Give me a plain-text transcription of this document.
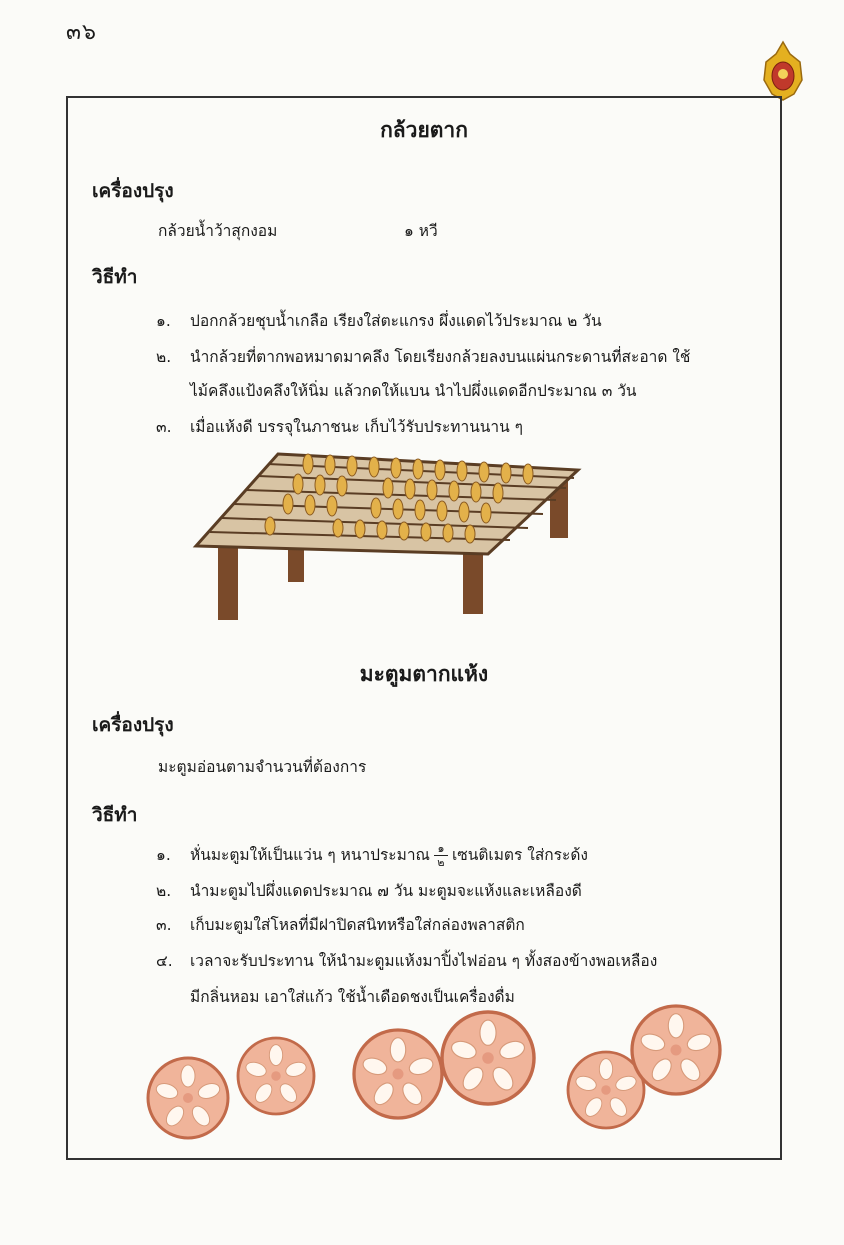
๓๖
กล้วยตาก
เครื่องปรุง
กล้วยน้ำว้าสุกงอม	๑ หวี
วิธีทำ
๑. ปอกกล้วยชุบน้ำเกลือ เรียงใส่ตะแกรง ผึ่งแดดไว้ประมาณ ๒ วัน
๒. นำกล้วยที่ตากพอหมาดมาคลึง โดยเรียงกล้วยลงบนแผ่นกระดานที่สะอาด ใช้
ไม้คลึงแป้งคลึงให้นิ่ม แล้วกดให้แบน นำไปผึ่งแดดอีกประมาณ ๓ วัน
๓. เมื่อแห้งดี บรรจุในภาชนะ เก็บไว้รับประทานนาน ๆ
มะตูมตากแห้ง
เครื่องปรุง
มะตูมอ่อนตามจำนวนที่ต้องการ
วิธีทำ
๑. หั่นมะตูมให้เป็นแว่น ๆ หนาประมาณ $\frac{๑}{๒}$ เซนติเมตร ใส่กระด้ง
๒. นำมะตูมไปผึ่งแดดประมาณ ๗ วัน มะตูมจะแห้งและเหลืองดี
๓. เก็บมะตูมใส่โหลที่มีฝาปิดสนิทหรือใส่กล่องพลาสติก
๔. เวลาจะรับประทาน ให้นำมะตูมแห้งมาปิ้งไฟอ่อน ๆ ทั้งสองข้างพอเหลือง
มีกลิ่นหอม เอาใส่แก้ว ใช้น้ำเดือดชงเป็นเครื่องดื่ม
